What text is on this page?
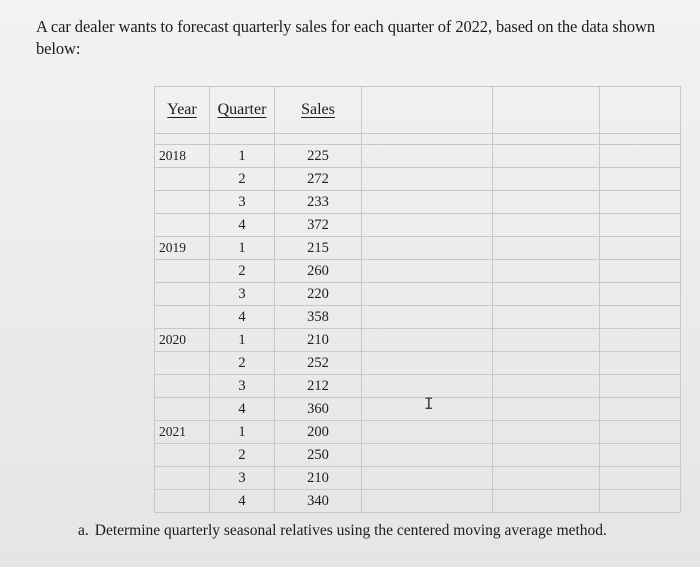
A car dealer wants to forecast quarterly sales for each quarter of 2022, based on the data shown below:
Year	Quarter	Sales			

2018	1	225			
	2	272			
	3	233			
	4	372			
2019	1	215			
	2	260			
	3	220			
	4	358			
2020	1	210			
	2	252			
	3	212			
	4	360			
2021	1	200			
	2	250			
	3	210			
	4	340			
I
a. Determine quarterly seasonal relatives using the centered moving average method.
